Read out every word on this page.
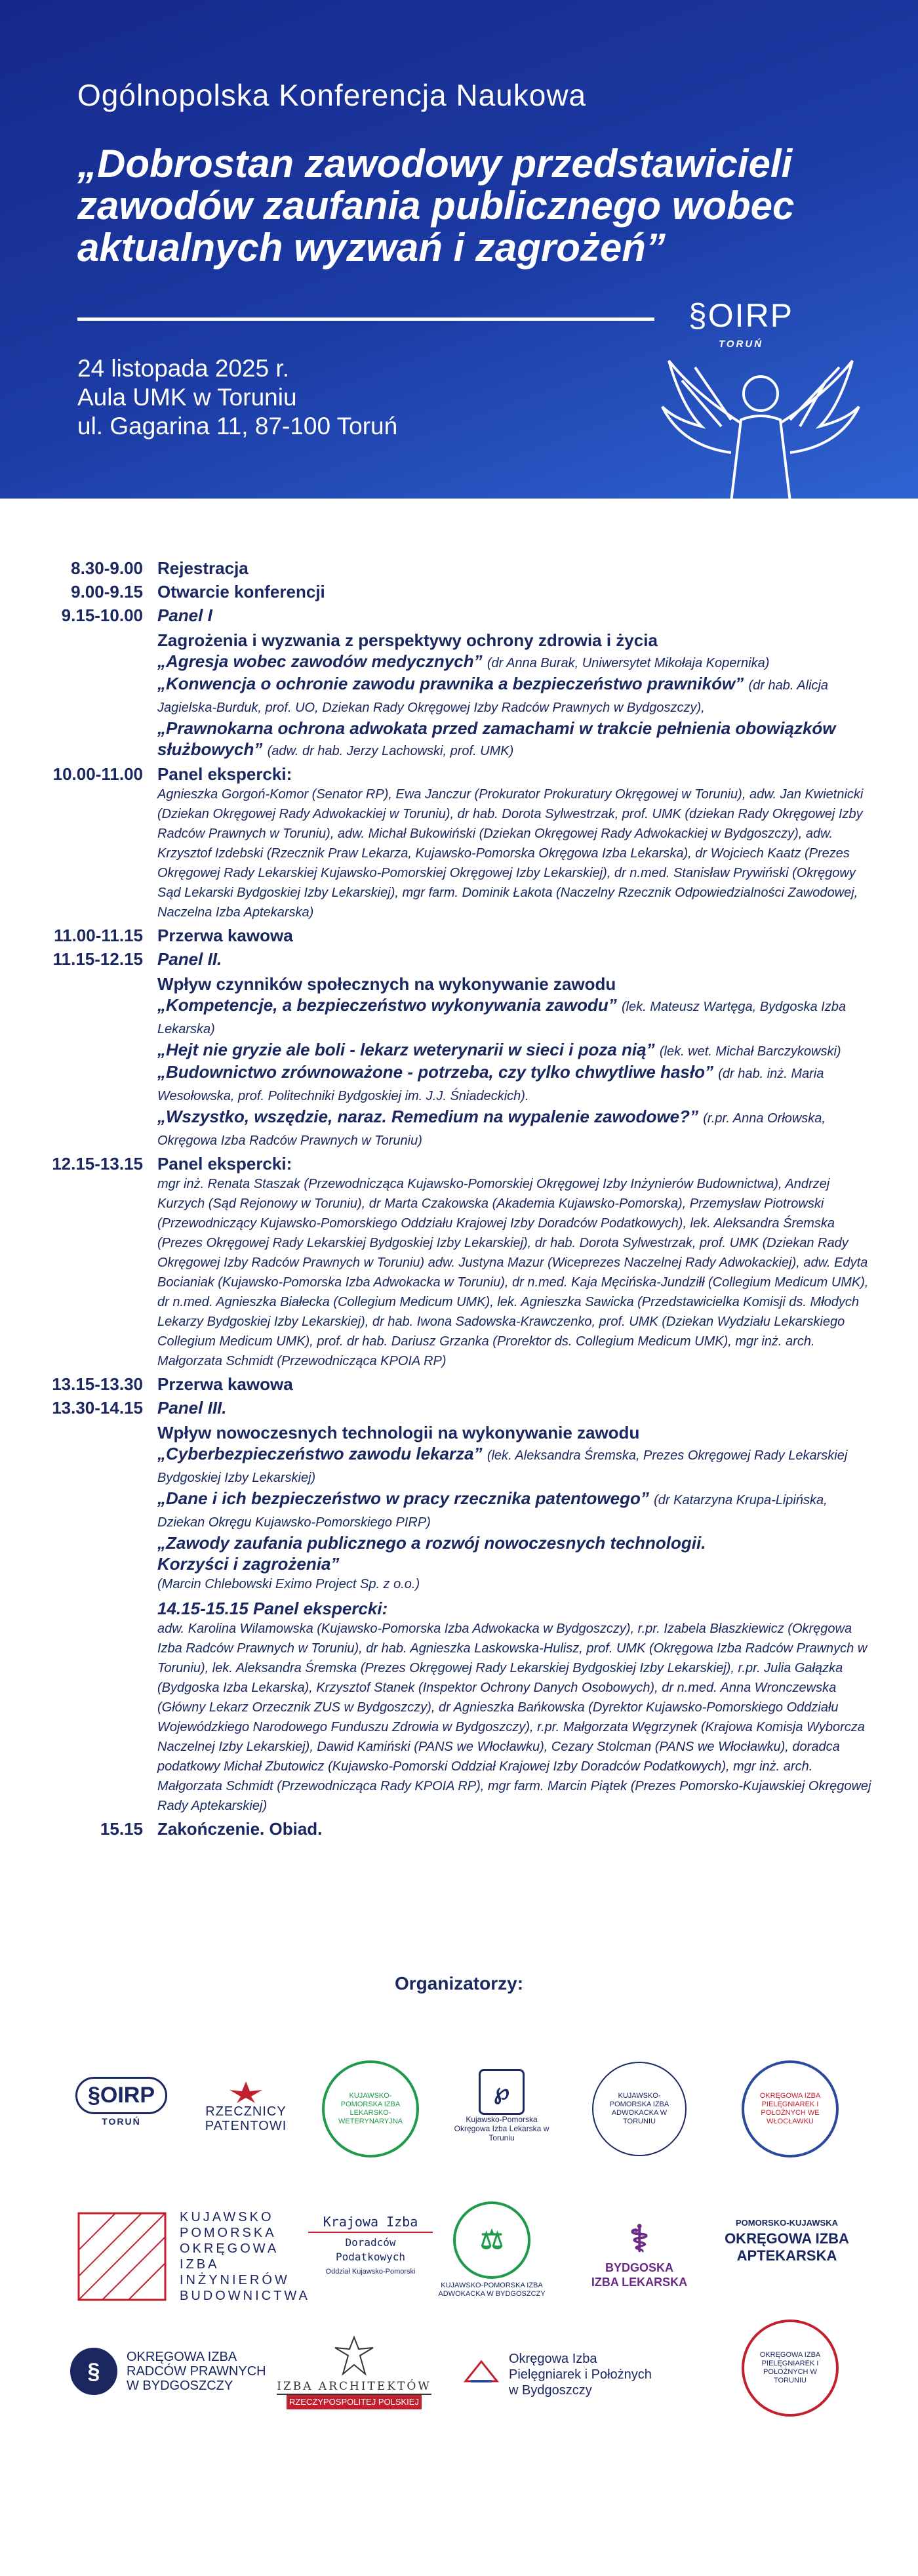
Ogólnopolska Konferencja Naukowa
„Dobrostan zawodowy przedstawicieli
zawodów zaufania publicznego wobec
aktualnych wyzwań i zagrożeń”
§OIRP
TORUŃ
24 listopada 2025 r.
Aula UMK w Toruniu
ul. Gagarina 11, 87-100 Toruń
8.30-9.00 Rejestracja
9.00-9.15 Otwarcie konferencji
9.15-10.00 Panel I
Zagrożenia i wyzwania z perspektywy ochrony zdrowia i życia
„Agresja wobec zawodów medycznych” (dr Anna Burak, Uniwersytet Mikołaja Kopernika)
„Konwencja o ochronie zawodu prawnika a bezpieczeństwo prawników” (dr hab. Alicja Jagielska-Burduk, prof. UO, Dziekan Rady Okręgowej Izby Radców Prawnych w Bydgoszczy),
„Prawnokarna ochrona adwokata przed zamachami w trakcie pełnienia obowiązków służbowych” (adw. dr hab. Jerzy Lachowski, prof. UMK)
10.00-11.00 Panel ekspercki:
Agnieszka Gorgoń-Komor (Senator RP), Ewa Janczur (Prokurator Prokuratury Okręgowej w Toruniu), adw. Jan Kwietnicki (Dziekan Okręgowej Rady Adwokackiej w Toruniu), dr hab. Dorota Sylwestrzak, prof. UMK (dziekan Rady Okręgowej Izby Radców Prawnych w Toruniu), adw. Michał Bukowiński (Dziekan Okręgowej Rady Adwokackiej w Bydgoszczy), adw. Krzysztof Izdebski (Rzecznik Praw Lekarza, Kujawsko-Pomorska Okręgowa Izba Lekarska), dr Wojciech Kaatz (Prezes Okręgowej Rady Lekarskiej Kujawsko-Pomorskiej Okręgowej Izby Lekarskiej), dr n.med. Stanisław Prywiński (Okręgowy Sąd Lekarski Bydgoskiej Izby Lekarskiej), mgr farm. Dominik Łakota (Naczelny Rzecznik Odpowiedzialności Zawodowej, Naczelna Izba Aptekarska)
11.00-11.15 Przerwa kawowa
11.15-12.15 Panel II.
Wpływ czynników społecznych na wykonywanie zawodu
„Kompetencje, a bezpieczeństwo wykonywania zawodu” (lek. Mateusz Wartęga, Bydgoska Izba Lekarska)
„Hejt nie gryzie ale boli - lekarz weterynarii w sieci i poza nią” (lek. wet. Michał Barczykowski)
„Budownictwo zrównoważone - potrzeba, czy tylko chwytliwe hasło” (dr hab. inż. Maria Wesołowska, prof. Politechniki Bydgoskiej im. J.J. Śniadeckich).
„Wszystko, wszędzie, naraz. Remedium na wypalenie zawodowe?” (r.pr. Anna Orłowska, Okręgowa Izba Radców Prawnych w Toruniu)
12.15-13.15 Panel ekspercki:
mgr inż. Renata Staszak (Przewodnicząca Kujawsko-Pomorskiej Okręgowej Izby Inżynierów Budownictwa), Andrzej Kurzych (Sąd Rejonowy w Toruniu), dr Marta Czakowska (Akademia Kujawsko-Pomorska), Przemysław Piotrowski (Przewodniczący Kujawsko-Pomorskiego Oddziału Krajowej Izby Doradców Podatkowych), lek. Aleksandra Śremska (Prezes Okręgowej Rady Lekarskiej Bydgoskiej Izby Lekarskiej), dr hab. Dorota Sylwestrzak, prof. UMK (Dziekan Rady Okręgowej Izby Radców Prawnych w Toruniu) adw. Justyna Mazur (Wiceprezes Naczelnej Rady Adwokackiej), adw. Edyta Bocianiak (Kujawsko-Pomorska Izba Adwokacka w Toruniu), dr n.med. Kaja Męcińska-Jundziłł (Collegium Medicum UMK), dr n.med. Agnieszka Białecka (Collegium Medicum UMK), lek. Agnieszka Sawicka (Przedstawicielka Komisji ds. Młodych Lekarzy Bydgoskiej Izby Lekarskiej), dr hab. Iwona Sadowska-Krawczenko, prof. UMK (Dziekan Wydziału Lekarskiego Collegium Medicum UMK), prof. dr hab. Dariusz Grzanka (Prorektor ds. Collegium Medicum UMK), mgr inż. arch. Małgorzata Schmidt (Przewodnicząca KPOIA RP)
13.15-13.30 Przerwa kawowa
13.30-14.15 Panel III.
Wpływ nowoczesnych technologii na wykonywanie zawodu
„Cyberbezpieczeństwo zawodu lekarza” (lek. Aleksandra Śremska, Prezes Okręgowej Rady Lekarskiej Bydgoskiej Izby Lekarskiej)
„Dane i ich bezpieczeństwo w pracy rzecznika patentowego” (dr Katarzyna Krupa-Lipińska, Dziekan Okręgu Kujawsko-Pomorskiego PIRP)
„Zawody zaufania publicznego a rozwój nowoczesnych technologii.
Korzyści i zagrożenia”
(Marcin Chlebowski Eximo Project Sp. z o.o.)
14.15-15.15 Panel ekspercki:
adw. Karolina Wilamowska (Kujawsko-Pomorska Izba Adwokacka w Bydgoszczy), r.pr. Izabela Błaszkiewicz (Okręgowa Izba Radców Prawnych w Toruniu), dr hab. Agnieszka Laskowska-Hulisz, prof. UMK (Okręgowa Izba Radców Prawnych w Toruniu), lek. Aleksandra Śremska (Prezes Okręgowej Rady Lekarskiej Bydgoskiej Izby Lekarskiej), r.pr. Julia Gałązka (Bydgoska Izba Lekarska), Krzysztof Stanek (Inspektor Ochrony Danych Osobowych), dr n.med. Anna Wronczewska (Główny Lekarz Orzecznik ZUS w Bydgoszczy), dr Agnieszka Bańkowska (Dyrektor Kujawsko-Pomorskiego Oddziału Wojewódzkiego Narodowego Funduszu Zdrowia w Bydgoszczy), r.pr. Małgorzata Węgrzynek (Krajowa Komisja Wyborcza Naczelnej Izby Lekarskiej), Dawid Kamiński (PANS we Włocławku), Cezary Stolcman (PANS we Włocławku), doradca podatkowy Michał Zbutowicz (Kujawsko-Pomorski Oddział Krajowej Izby Doradców Podatkowych), mgr inż. arch. Małgorzata Schmidt (Przewodnicząca Rady KPOIA RP), mgr farm. Marcin Piątek (Prezes Pomorsko-Kujawskiej Okręgowej Rady Aptekarskiej)
15.15 Zakończenie. Obiad.
Organizatorzy:
§OIRP
TORUŃ
RZECZNICY PATENTOWI
KUJAWSKO-POMORSKA IZBA LEKARSKO-WETERYNARYJNA
℘
Kujawsko-Pomorska Okręgowa Izba Lekarska w Toruniu
KUJAWSKO-POMORSKA IZBA ADWOKACKA W TORUNIU
OKRĘGOWA IZBA PIELĘGNIAREK I POŁOŻNYCH WE WŁOCŁAWKU
KUJAWSKO POMORSKA OKRĘGOWA IZBA INŻYNIERÓW BUDOWNICTWA
Krajowa Izba
Doradców Podatkowych
Oddział Kujawsko-Pomorski
⚖
KUJAWSKO-POMORSKA IZBA ADWOKACKA W BYDGOSZCZY
⚕
BYDGOSKA IZBA LEKARSKA
POMORSKO-KUJAWSKA
OKRĘGOWA IZBA APTEKARSKA
§
OKRĘGOWA IZBA RADCÓW PRAWNYCH W BYDGOSZCZY	IZBA ARCHITEKTÓW
RZECZYPOSPOLITEJ POLSKIEJ
Okręgowa Izba Pielęgniarek i Położnych w Bydgoszczy
OKRĘGOWA IZBA PIELĘGNIAREK I POŁOŻNYCH W TORUNIU
